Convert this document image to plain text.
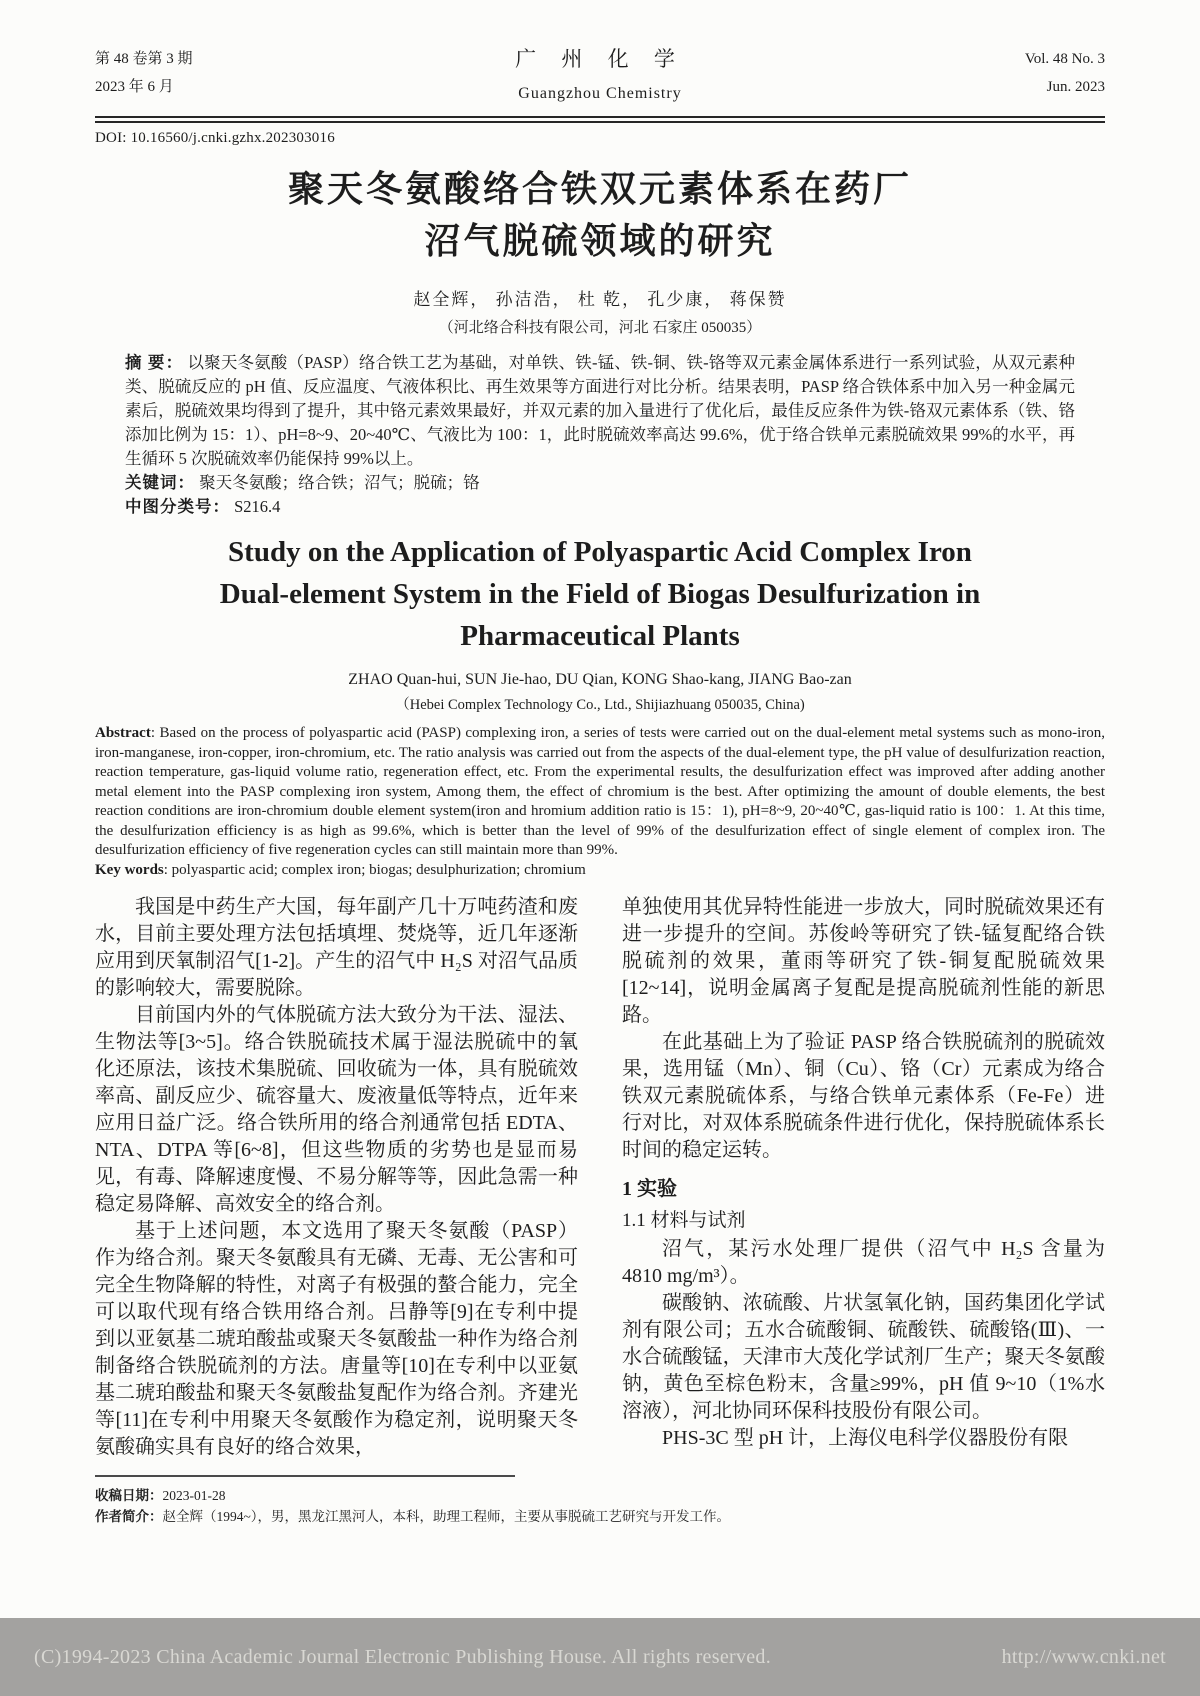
第 48 卷第 3 期
2023 年 6 月
广 州 化 学
Guangzhou Chemistry
Vol. 48 No. 3
Jun. 2023
DOI: 10.16560/j.cnki.gzhx.202303016
聚天冬氨酸络合铁双元素体系在药厂
沼气脱硫领域的研究
赵全辉， 孙洁浩， 杜 乾， 孔少康， 蒋保赞
（河北络合科技有限公司，河北 石家庄 050035）

摘 要： 以聚天冬氨酸（PASP）络合铁工艺为基础，对单铁、铁-锰、铁-铜、铁-铬等双元素金属体系进行一系列试验，从双元素种类、脱硫反应的 pH 值、反应温度、气液体积比、再生效果等方面进行对比分析。结果表明，PASP 络合铁体系中加入另一种金属元素后，脱硫效果均得到了提升，其中铬元素效果最好，并双元素的加入量进行了优化后，最佳反应条件为铁-铬双元素体系（铁、铬添加比例为 15：1）、pH=8~9、20~40℃、气液比为 100：1，此时脱硫效率高达 99.6%，优于络合铁单元素脱硫效果 99%的水平，再生循环 5 次脱硫效率仍能保持 99%以上。

关键词： 聚天冬氨酸；络合铁；沼气；脱硫；铬

中图分类号： S216.4

Study on the Application of Polyaspartic Acid Complex Iron
Dual-element System in the Field of Biogas Desulfurization in
Pharmaceutical Plants
ZHAO Quan-hui, SUN Jie-hao, DU Qian, KONG Shao-kang, JIANG Bao-zan
（Hebei Complex Technology Co., Ltd., Shijiazhuang 050035, China)

Abstract: Based on the process of polyaspartic acid (PASP) complexing iron, a series of tests were carried out on the dual-element metal systems such as mono-iron, iron-manganese, iron-copper, iron-chromium, etc. The ratio analysis was carried out from the aspects of the dual-element type, the pH value of desulfurization reaction, reaction temperature, gas-liquid volume ratio, regeneration effect, etc. From the experimental results, the desulfurization effect was improved after adding another metal element into the PASP complexing iron system, Among them, the effect of chromium is the best. After optimizing the amount of double elements, the best reaction conditions are iron-chromium double element system(iron and hromium addition ratio is 15：1), pH=8~9, 20~40℃, gas-liquid ratio is 100：1. At this time, the desulfurization efficiency is as high as 99.6%, which is better than the level of 99% of the desulfurization effect of single element of complex iron. The desulfurization efficiency of five regeneration cycles can still maintain more than 99%.

Key words: polyaspartic acid; complex iron; biogas; desulphurization; chromium

我国是中药生产大国，每年副产几十万吨药渣和废水，目前主要处理方法包括填埋、焚烧等，近几年逐渐应用到厌氧制沼气[1-2]。产生的沼气中 H₂S 对沼气品质的影响较大，需要脱除。

目前国内外的气体脱硫方法大致分为干法、湿法、生物法等[3~5]。络合铁脱硫技术属于湿法脱硫中的氧化还原法，该技术集脱硫、回收硫为一体，具有脱硫效率高、副反应少、硫容量大、废液量低等特点，近年来应用日益广泛。络合铁所用的络合剂通常包括 EDTA、NTA、DTPA 等[6~8]，但这些物质的劣势也是显而易见，有毒、降解速度慢、不易分解等等，因此急需一种稳定易降解、高效安全的络合剂。

基于上述问题，本文选用了聚天冬氨酸（PASP）作为络合剂。聚天冬氨酸具有无磷、无毒、无公害和可完全生物降解的特性，对离子有极强的螯合能力，完全可以取代现有络合铁用络合剂。吕静等[9]在专利中提到以亚氨基二琥珀酸盐或聚天冬氨酸盐一种作为络合剂制备络合铁脱硫剂的方法。唐量等[10]在专利中以亚氨基二琥珀酸盐和聚天冬氨酸盐复配作为络合剂。齐建光等[11]在专利中用聚天冬氨酸作为稳定剂，说明聚天冬氨酸确实具有良好的络合效果，

单独使用其优异特性能进一步放大，同时脱硫效果还有进一步提升的空间。苏俊岭等研究了铁-锰复配络合铁脱硫剂的效果，董雨等研究了铁-铜复配脱硫效果[12~14]，说明金属离子复配是提高脱硫剂性能的新思路。

在此基础上为了验证 PASP 络合铁脱硫剂的脱硫效果，选用锰（Mn）、铜（Cu）、铬（Cr）元素成为络合铁双元素脱硫体系，与络合铁单元素体系（Fe-Fe）进行对比，对双体系脱硫条件进行优化，保持脱硫体系长时间的稳定运转。

1 实验
1.1 材料与试剂

沼气，某污水处理厂提供（沼气中 H₂S 含量为 4810 mg/m³）。

碳酸钠、浓硫酸、片状氢氧化钠，国药集团化学试剂有限公司；五水合硫酸铜、硫酸铁、硫酸铬(Ⅲ)、一水合硫酸锰，天津市大茂化学试剂厂生产；聚天冬氨酸钠，黄色至棕色粉末，含量≥99%，pH 值 9~10（1%水溶液），河北协同环保科技股份有限公司。

PHS-3C 型 pH 计，上海仪电科学仪器股份有限

收稿日期：2023-01-28
作者简介：赵全辉（1994~），男，黑龙江黑河人，本科，助理工程师，主要从事脱硫工艺研究与开发工作。
(C)1994-2023 China Academic Journal Electronic Publishing House. All rights reserved.	http://www.cnki.net
